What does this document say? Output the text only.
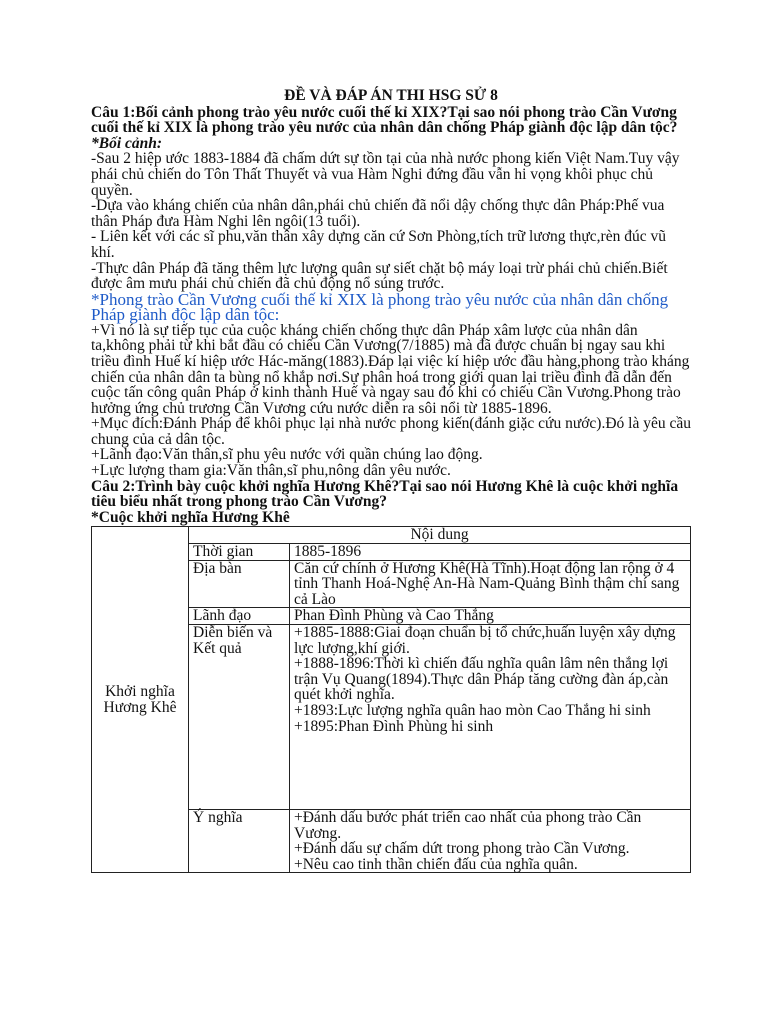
ĐỀ VÀ ĐÁP ÁN THI HSG SỬ 8

Câu 1:Bối cảnh phong trào yêu nước cuối thế kỉ XIX?Tại sao nói phong trào Cần Vương cuối thế kỉ XIX là phong trào yêu nước của nhân dân chống Pháp giành độc lập dân tộc?

*Bối cảnh:

-Sau 2 hiệp ước 1883-1884 đã chấm dứt sự tồn tại của nhà nước phong kiến Việt Nam.Tuy vậy phái chủ chiến do Tôn Thất Thuyết và vua Hàm Nghi đứng đầu vẫn hi vọng khôi phục chủ quyền.

-Dựa vào kháng chiến của nhân dân,phái chủ chiến đã nổi dậy chống thực dân Pháp:Phế vua thân Pháp đưa Hàm Nghi lên ngôi(13 tuổi).

- Liên kết với các sĩ phu,văn thân xây dựng căn cứ Sơn Phòng,tích trữ lương thực,rèn đúc vũ khí.

-Thực dân Pháp đã tăng thêm lực lượng quân sự siết chặt bộ máy loại trừ phái chủ chiến.Biết được âm mưu phái chủ chiến đã chủ động nổ súng trước.

*Phong trào Cần Vương cuối thế kỉ XIX là phong trào yêu nước của nhân dân chống Pháp giành độc lập dân tộc:

+Vì nó là sự tiếp tục của cuộc kháng chiến chống thực dân Pháp xâm lược của nhân dân ta,không phải từ khi bắt đầu có chiếu Cần Vương(7/1885) mà đã được chuẩn bị ngay sau khi triều đình Huế kí hiệp ước Hác-măng(1883).Đáp lại việc kí hiệp ước đầu hàng,phong trào kháng chiến của nhân dân ta bùng nổ khắp nơi.Sự phân hoá trong giới quan lại triều đình đã dẫn đến cuộc tấn công quân Pháp ở kinh thành Huế và ngay sau đó khi có chiếu Cần Vương.Phong trào hưởng ứng chủ trương Cần Vương cứu nước diễn ra sôi nổi từ 1885-1896.

+Mục đích:Đánh Pháp để khôi phục lại nhà nước phong kiến(đánh giặc cứu nước).Đó là yêu cầu chung của cả dân tộc.

+Lãnh đạo:Văn thân,sĩ phu yêu nước với quần chúng lao động.

+Lực lượng tham gia:Văn thân,sĩ phu,nông dân yêu nước.

Câu 2:Trình bày cuộc khởi nghĩa Hương Khê?Tại sao nói Hương Khê là cuộc khởi nghĩa tiêu biểu nhất trong phong trào Cần Vương?

*Cuộc khởi nghĩa Hương Khê

Khởi nghĩa Hương Khê	Nội dung	
	Thời gian	1885-1896

	Địa bàn	Căn cứ chính ở Hương Khê(Hà Tĩnh).Hoạt động lan rộng ở 4 tỉnh Thanh Hoá-Nghệ An-Hà Nam-Quảng Bình thậm chí sang cả Lào

	Lãnh đạo	Phan Đình Phùng và Cao Thắng

	Diễn biến và Kết quả	+1885-1888:Giai đoạn chuẩn bị tổ chức,huấn luyện xây dựng lực lượng,khí giới.
+1888-1896:Thời kì chiến đấu nghĩa quân lâm nên thắng lợi trận Vụ Quang(1894).Thực dân Pháp tăng cường đàn áp,càn quét khởi nghĩa.
+1893:Lực lượng nghĩa quân hao mòn Cao Thắng hi sinh
+1895:Phan Đình Phùng hi sinh

	Ý nghĩa	+Đánh dấu bước phát triển cao nhất của phong trào Cần Vương.
+Đánh dấu sự chấm dứt trong phong trào Cần Vương.
+Nêu cao tinh thần chiến đấu của nghĩa quân.
